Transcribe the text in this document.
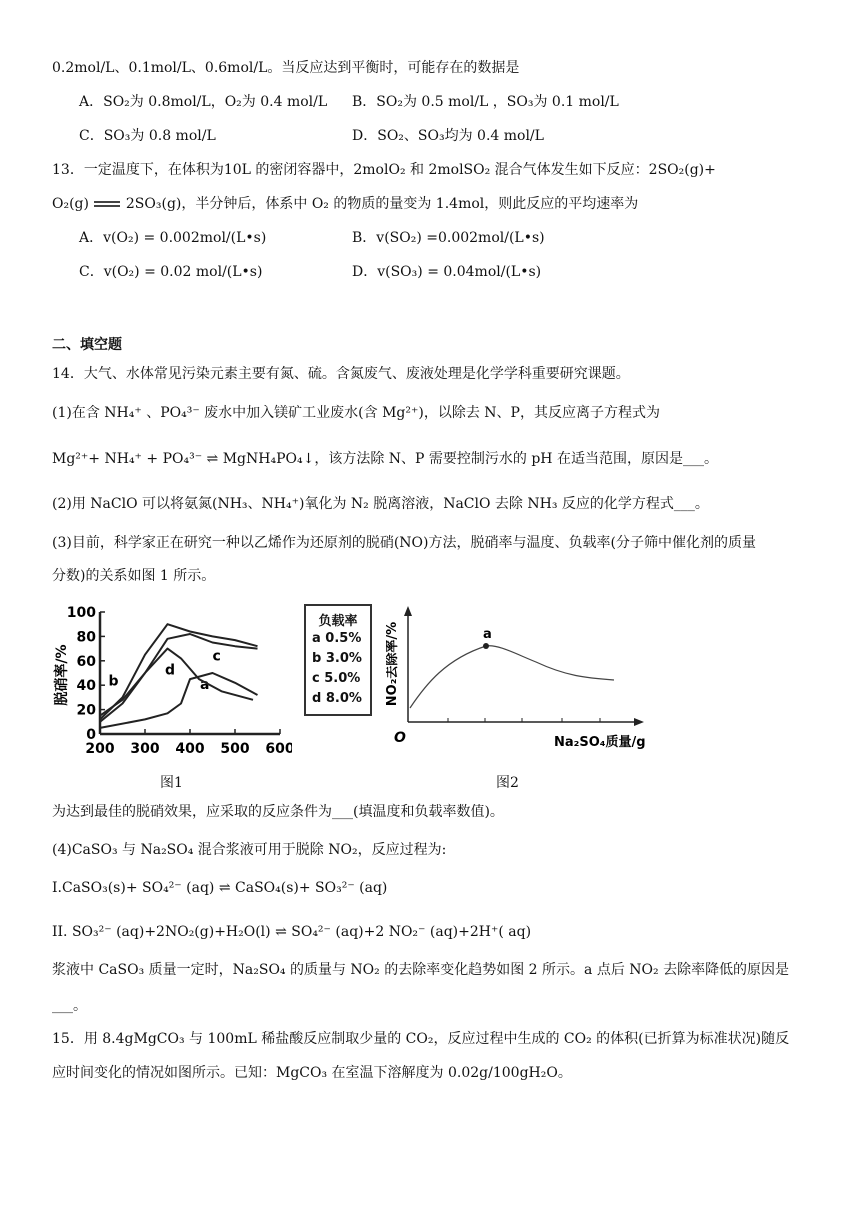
0.2mol/L、0.1mol/L、0.6mol/L。当反应达到平衡时，可能存在的数据是
A．SO₂为 0.8mol/L，O₂为 0.4 mol/L B．SO₂为 0.5 mol/L ，SO₃为 0.1 mol/L
C．SO₃为 0.8 mol/L	D．SO₂、SO₃均为 0.4 mol/L
13．一定温度下，在体积为10L 的密闭容器中，2molO₂ 和 2molSO₂ 混合气体发生如下反应：2SO₂(g)+
O₂(g)	2SO₃(g)，半分钟后，体系中 O₂ 的物质的量变为 1.4mol，则此反应的平均速率为
A．v(O₂) = 0.002mol/(L•s)	B．v(SO₂) =0.002mol/(L•s)
C．v(O₂) = 0.02 mol/(L•s)	D．v(SO₃) = 0.04mol/(L•s)
二、填空题
14．大气、水体常见污染元素主要有氮、硫。含氮废气、废液处理是化学学科重要研究课题。
(1)在含 NH₄⁺ 、PO₄³⁻ 废水中加入镁矿工业废水(含 Mg²⁺)，以除去 N、P，其反应离子方程式为
Mg²⁺+ NH₄⁺ + PO₄³⁻ ⇌ MgNH₄PO₄↓，该方法除 N、P 需要控制污水的 pH 在适当范围，原因是___。
(2)用 NaClO 可以将氨氮(NH₃、NH₄⁺)氧化为 N₂ 脱离溶液，NaClO 去除 NH₃ 反应的化学方程式___。
(3)目前，科学家正在研究一种以乙烯作为还原剂的脱硝(NO)方法，脱硝率与温度、负载率(分子筛中催化剂的质量
分数)的关系如图 1 所示。
脱硝率/%
0
20
40
60
80
100
200 300 400 500 600
a
b
c
d
负载率
a 0.5%
b 3.0%
c 5.0%
d 8.0%
a
NO₂去除率/%
O	Na₂SO₄质量/g
图1	图2
为达到最佳的脱硝效果，应采取的反应条件为___(填温度和负载率数值)。
(4)CaSO₃ 与 Na₂SO₄ 混合浆液可用于脱除 NO₂，反应过程为:
I.CaSO₃(s)+ SO₄²⁻ (aq) ⇌ CaSO₄(s)+ SO₃²⁻ (aq)
II. SO₃²⁻ (aq)+2NO₂(g)+H₂O(l) ⇌ SO₄²⁻ (aq)+2 NO₂⁻ (aq)+2H⁺( aq)
浆液中 CaSO₃ 质量一定时，Na₂SO₄ 的质量与 NO₂ 的去除率变化趋势如图 2 所示。a 点后 NO₂ 去除率降低的原因是
___。
15．用 8.4gMgCO₃ 与 100mL 稀盐酸反应制取少量的 CO₂，反应过程中生成的 CO₂ 的体积(已折算为标准状况)随反
应时间变化的情况如图所示。已知：MgCO₃ 在室温下溶解度为 0.02g/100gH₂O。
